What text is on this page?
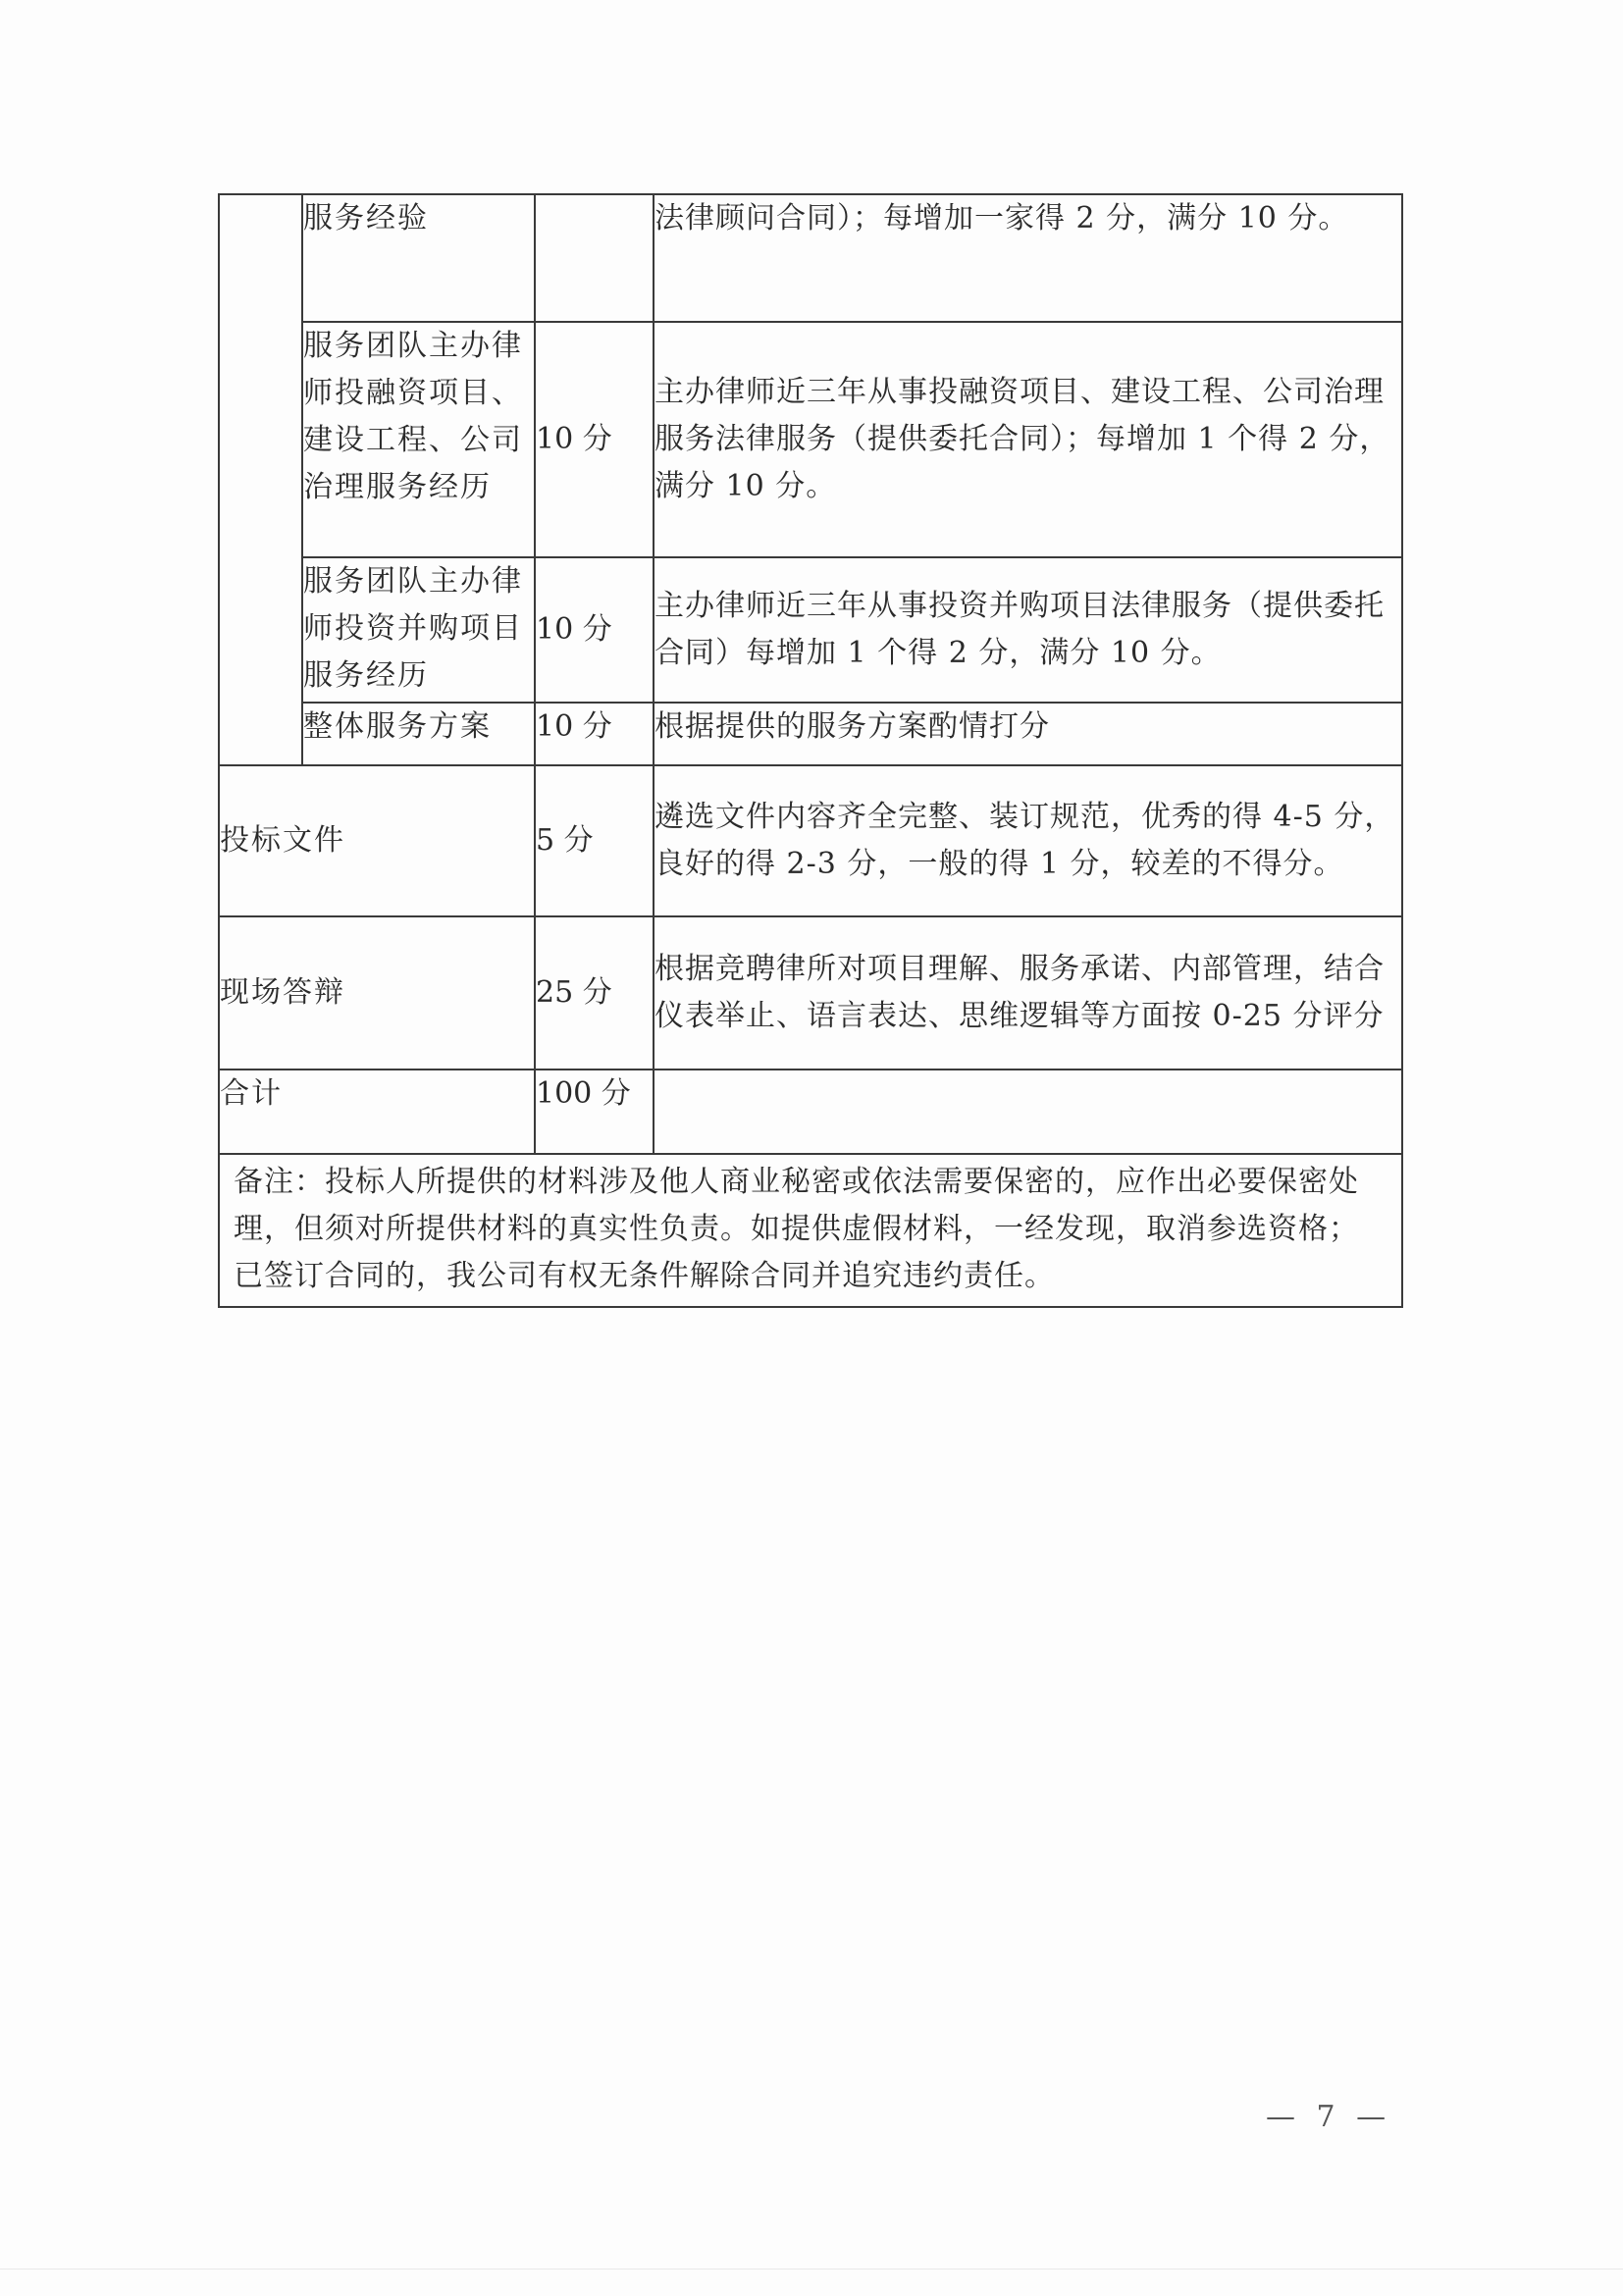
	服务经验		法律顾问合同）；每增加一家得 2 分，满分 10 分。

	服务团队主办律师投融资项目、建设工程、公司治理服务经历	10 分	主办律师近三年从事投融资项目、建设工程、公司治理服务法律服务（提供委托合同）；每增加 1 个得 2 分，满分 10 分。

	服务团队主办律师投资并购项目服务经历	10 分	主办律师近三年从事投资并购项目法律服务（提供委托合同）每增加 1 个得 2 分，满分 10 分。

	整体服务方案	10 分	根据提供的服务方案酌情打分

投标文件		5 分	遴选文件内容齐全完整、装订规范，优秀的得 4-5 分，良好的得 2-3 分，一般的得 1 分，较差的不得分。

现场答辩		25 分	根据竞聘律所对项目理解、服务承诺、内部管理，结合仪表举止、语言表达、思维逻辑等方面按 0-25 分评分

合计		100 分	

备注：投标人所提供的材料涉及他人商业秘密或依法需要保密的，应作出必要保密处理，但须对所提供材料的真实性负责。如提供虚假材料，一经发现，取消参选资格；已签订合同的，我公司有权无条件解除合同并追究违约责任。			
— 7 —
